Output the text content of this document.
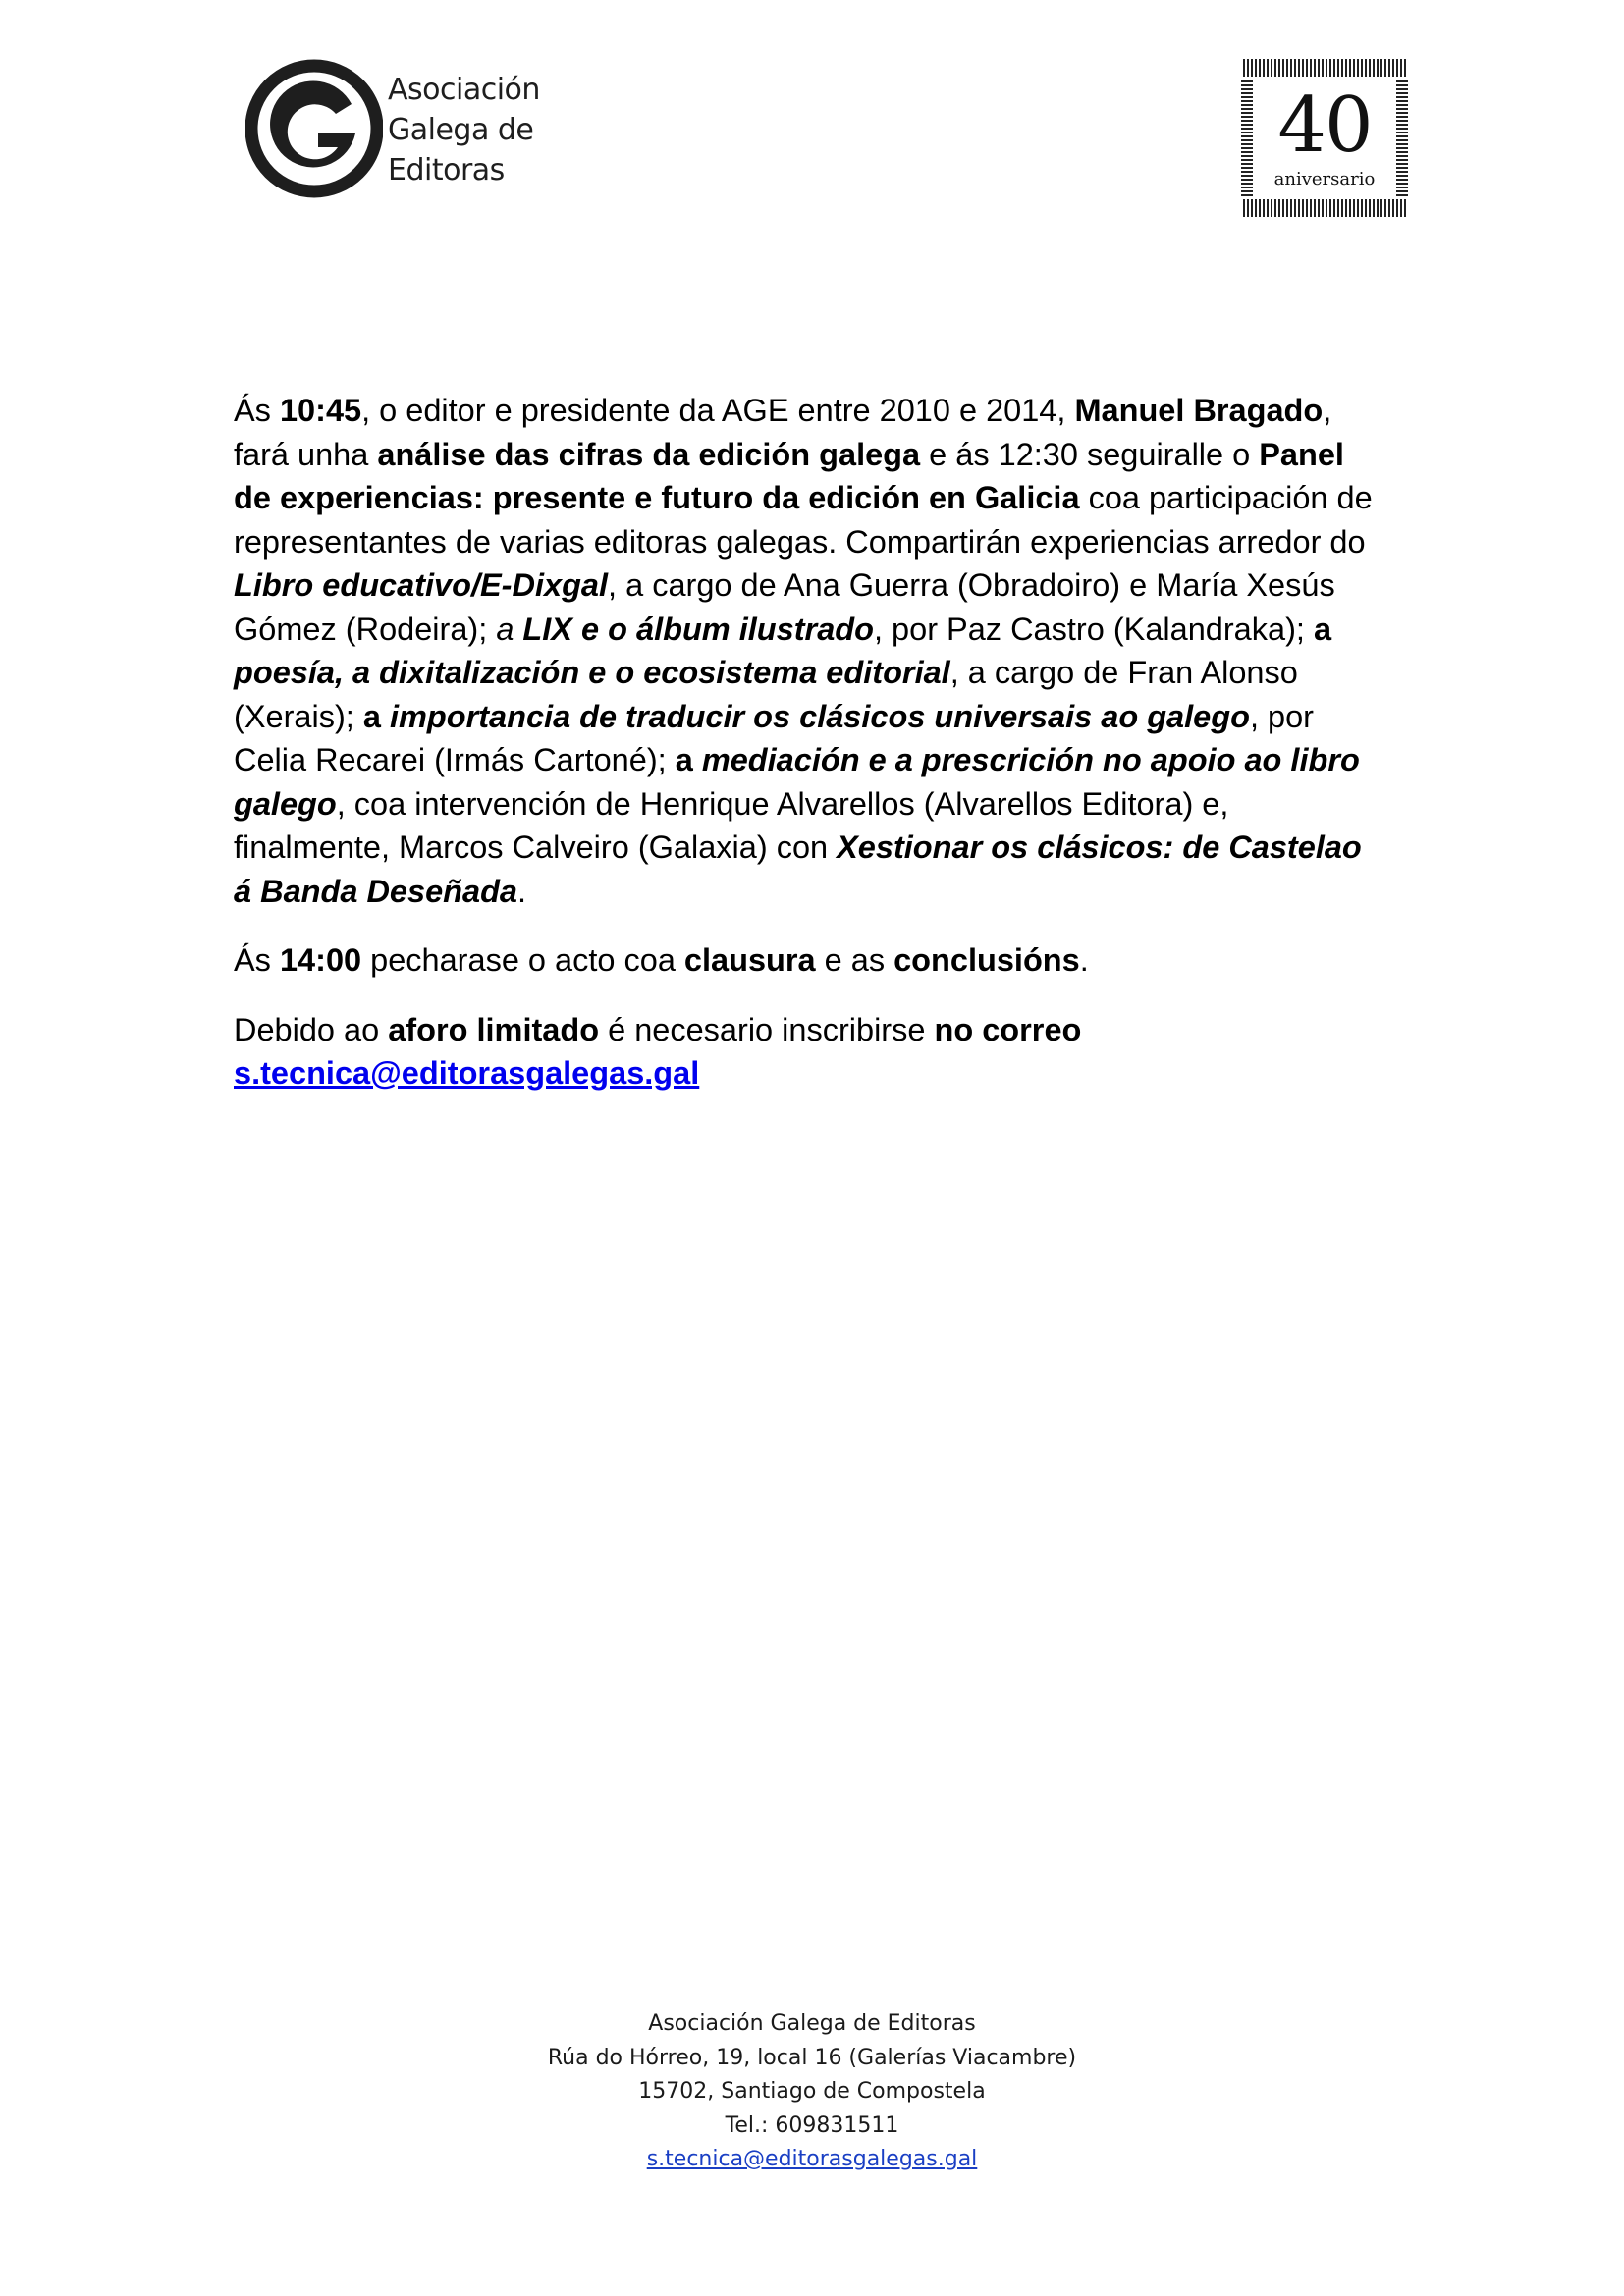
Asociación
Galega de
Editoras
40
aniversario

Ás 10:45, o editor e presidente da AGE entre 2010 e 2014, Manuel Bragado, fará unha análise das cifras da edición galega e ás 12:30 seguiralle o Panel de experiencias: presente e futuro da edición en Galicia coa participación de representantes de varias editoras galegas. Compartirán experiencias arredor do Libro educativo/E-Dixgal, a cargo de Ana Guerra (Obradoiro) e María Xesús Gómez (Rodeira); a LIX e o álbum ilustrado, por Paz Castro (Kalandraka); a poesía, a dixitalización e o ecosistema editorial, a cargo de Fran Alonso (Xerais); a importancia de traducir os clásicos universais ao galego, por Celia Recarei (Irmás Cartoné); a mediación e a prescrición no apoio ao libro galego, coa intervención de Henrique Alvarellos (Alvarellos Editora) e, finalmente, Marcos Calveiro (Galaxia) con Xestionar os clásicos: de Castelao á Banda Deseñada.

Ás 14:00 pecharase o acto coa clausura e as conclusións.

Debido ao aforo limitado é necesario inscribirse no correo
s.tecnica@editorasgalegas.gal

Asociación Galega de Editoras
Rúa do Hórreo, 19, local 16 (Galerías Viacambre)
15702, Santiago de Compostela
Tel.: 609831511
s.tecnica@editorasgalegas.gal
